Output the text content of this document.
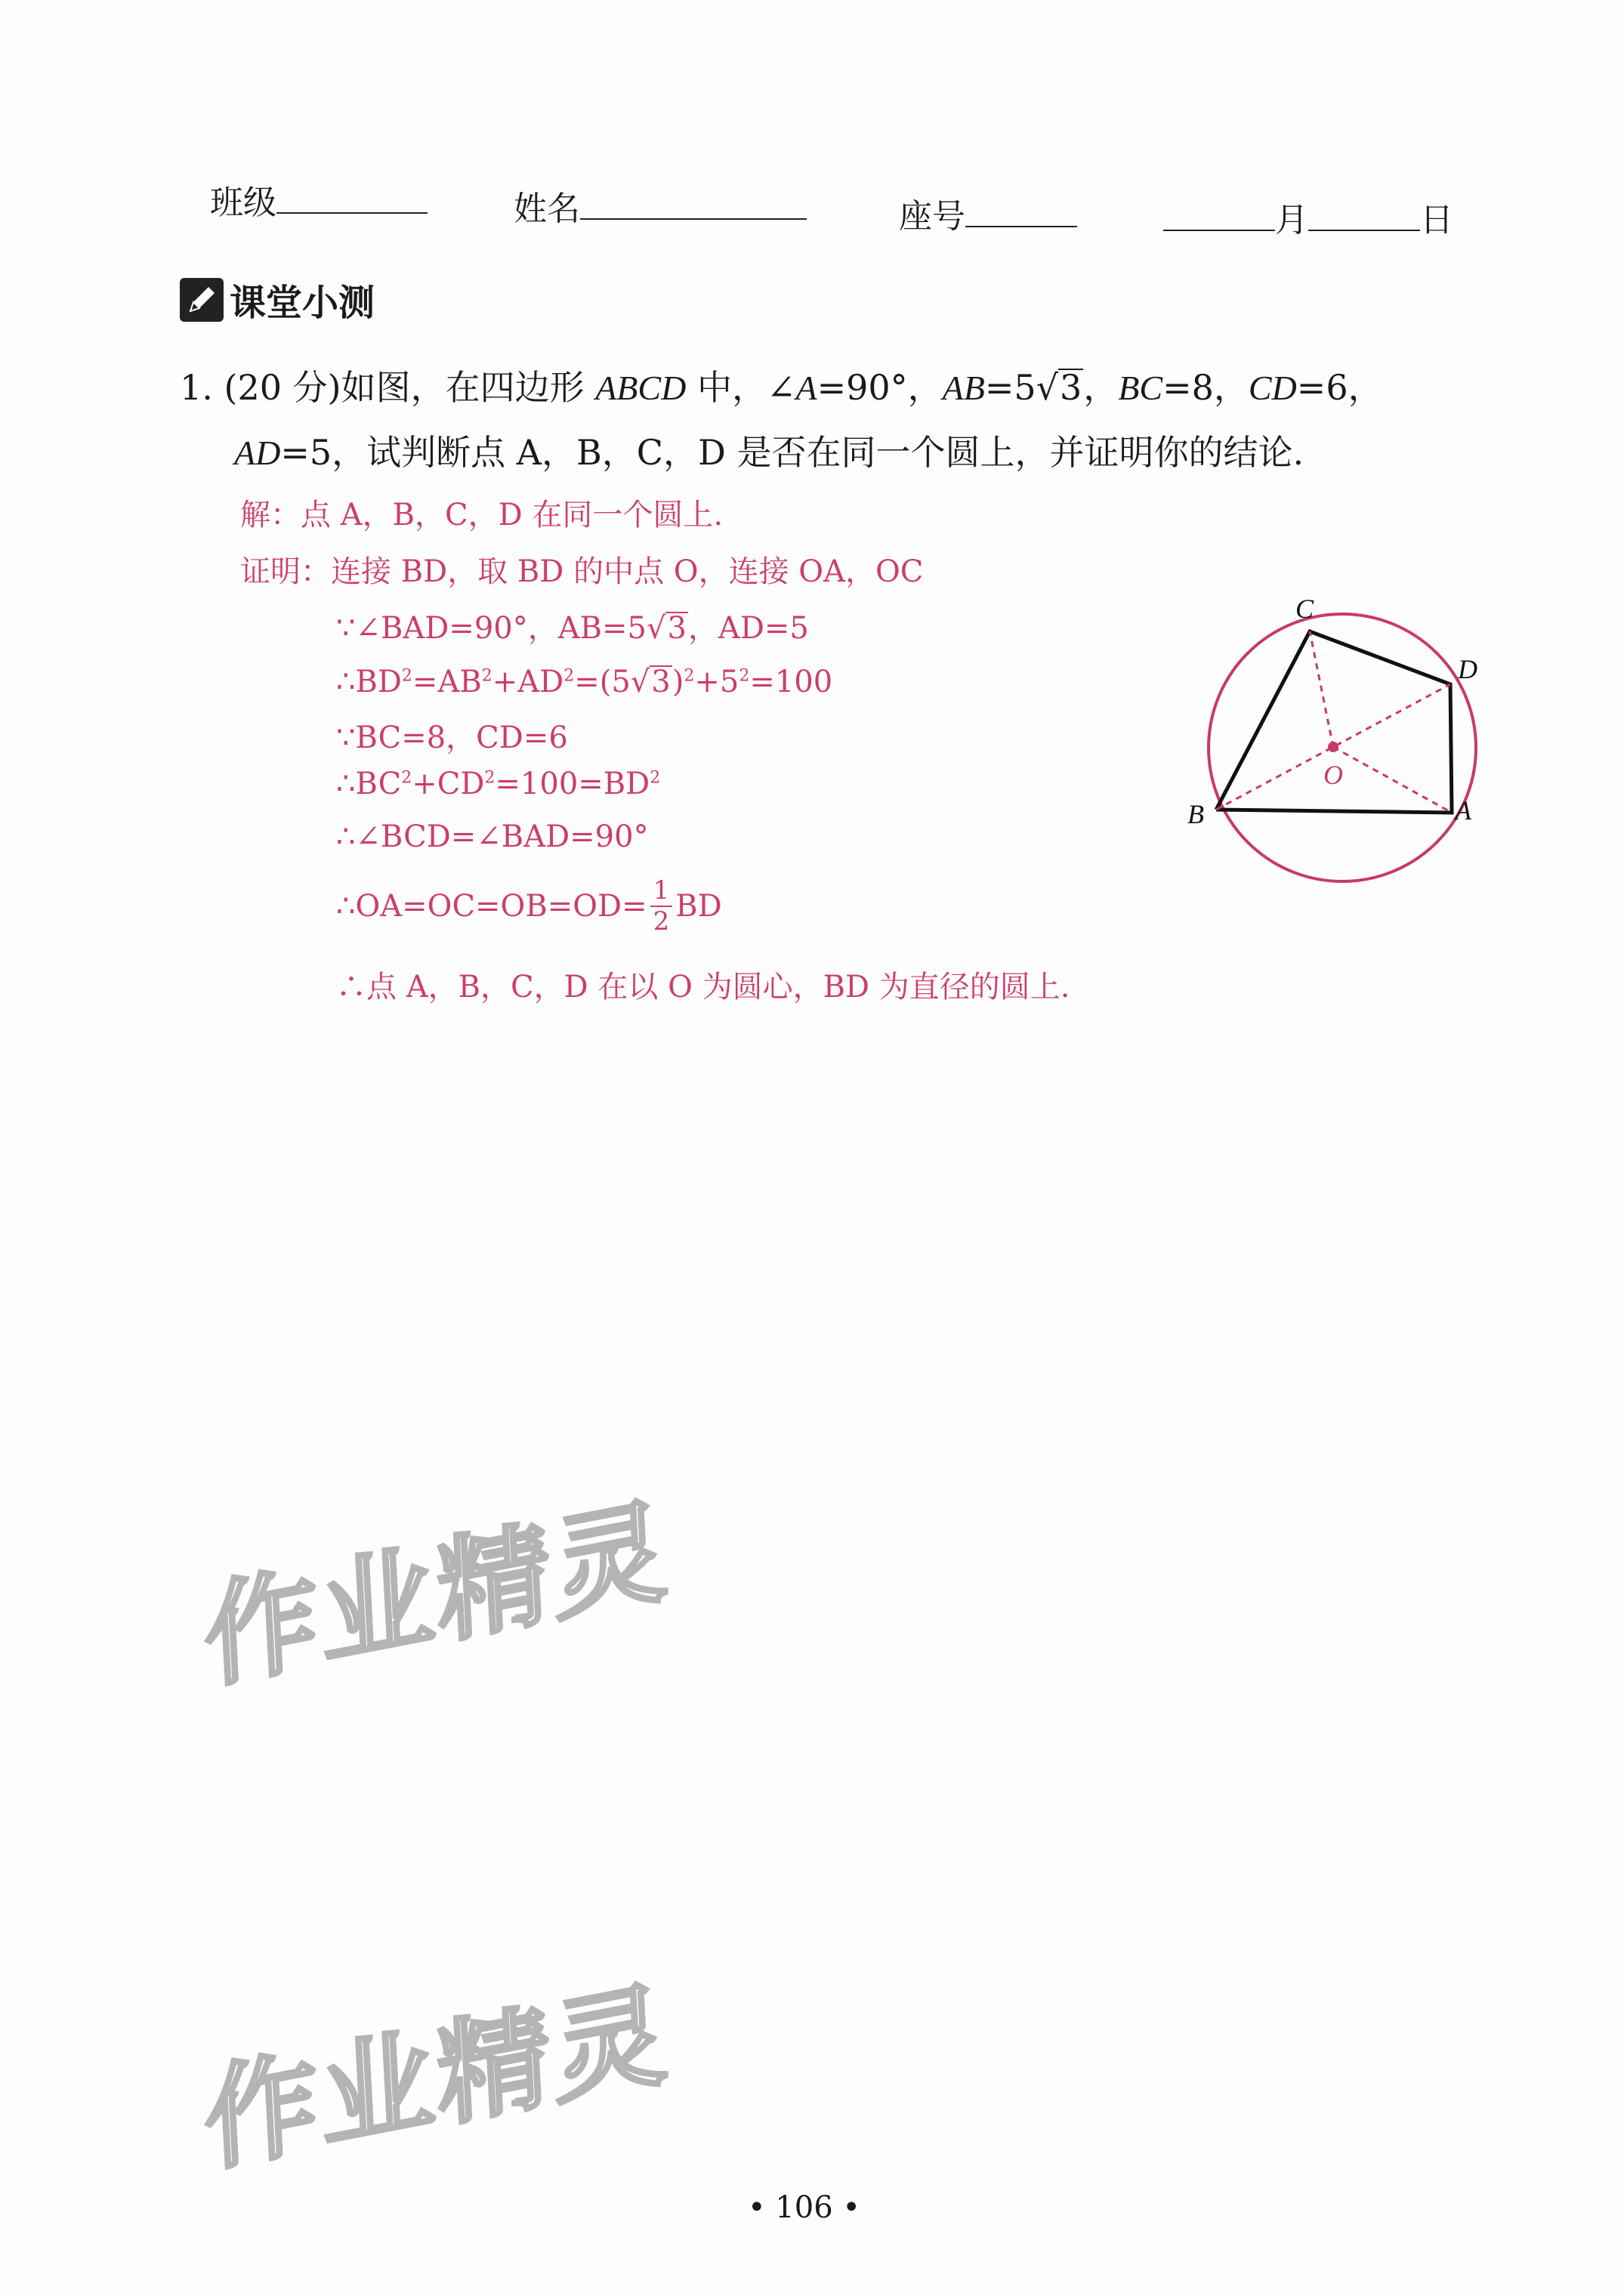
班级	姓名	座号	月	日
课堂小测
1. (20 分)如图，在四边形 ABCD 中，∠A=90°，AB=5√3，BC=8，CD=6，
AD=5，试判断点 A，B，C，D 是否在同一个圆上，并证明你的结论.
解：点 A，B，C，D 在同一个圆上.
证明：连接 BD，取 BD 的中点 O，连接 OA，OC
∵∠BAD=90°，AB=5√3，AD=5
$\therefore BD^2=AB^2+AD^2=(5√3)^2+5^2=100$
∵BC=8，CD=6
$\therefore BC^2+CD^2=100=BD^2$
∴∠BCD=∠BAD=90°
∴OA=OC=OB=OD= $\frac{1}{2}$ BD
∴点 A，B，C，D 在以 O 为圆心，BD 为直径的圆上.
C
D
B	A
O
作业精灵
作业精灵
• 106 •
